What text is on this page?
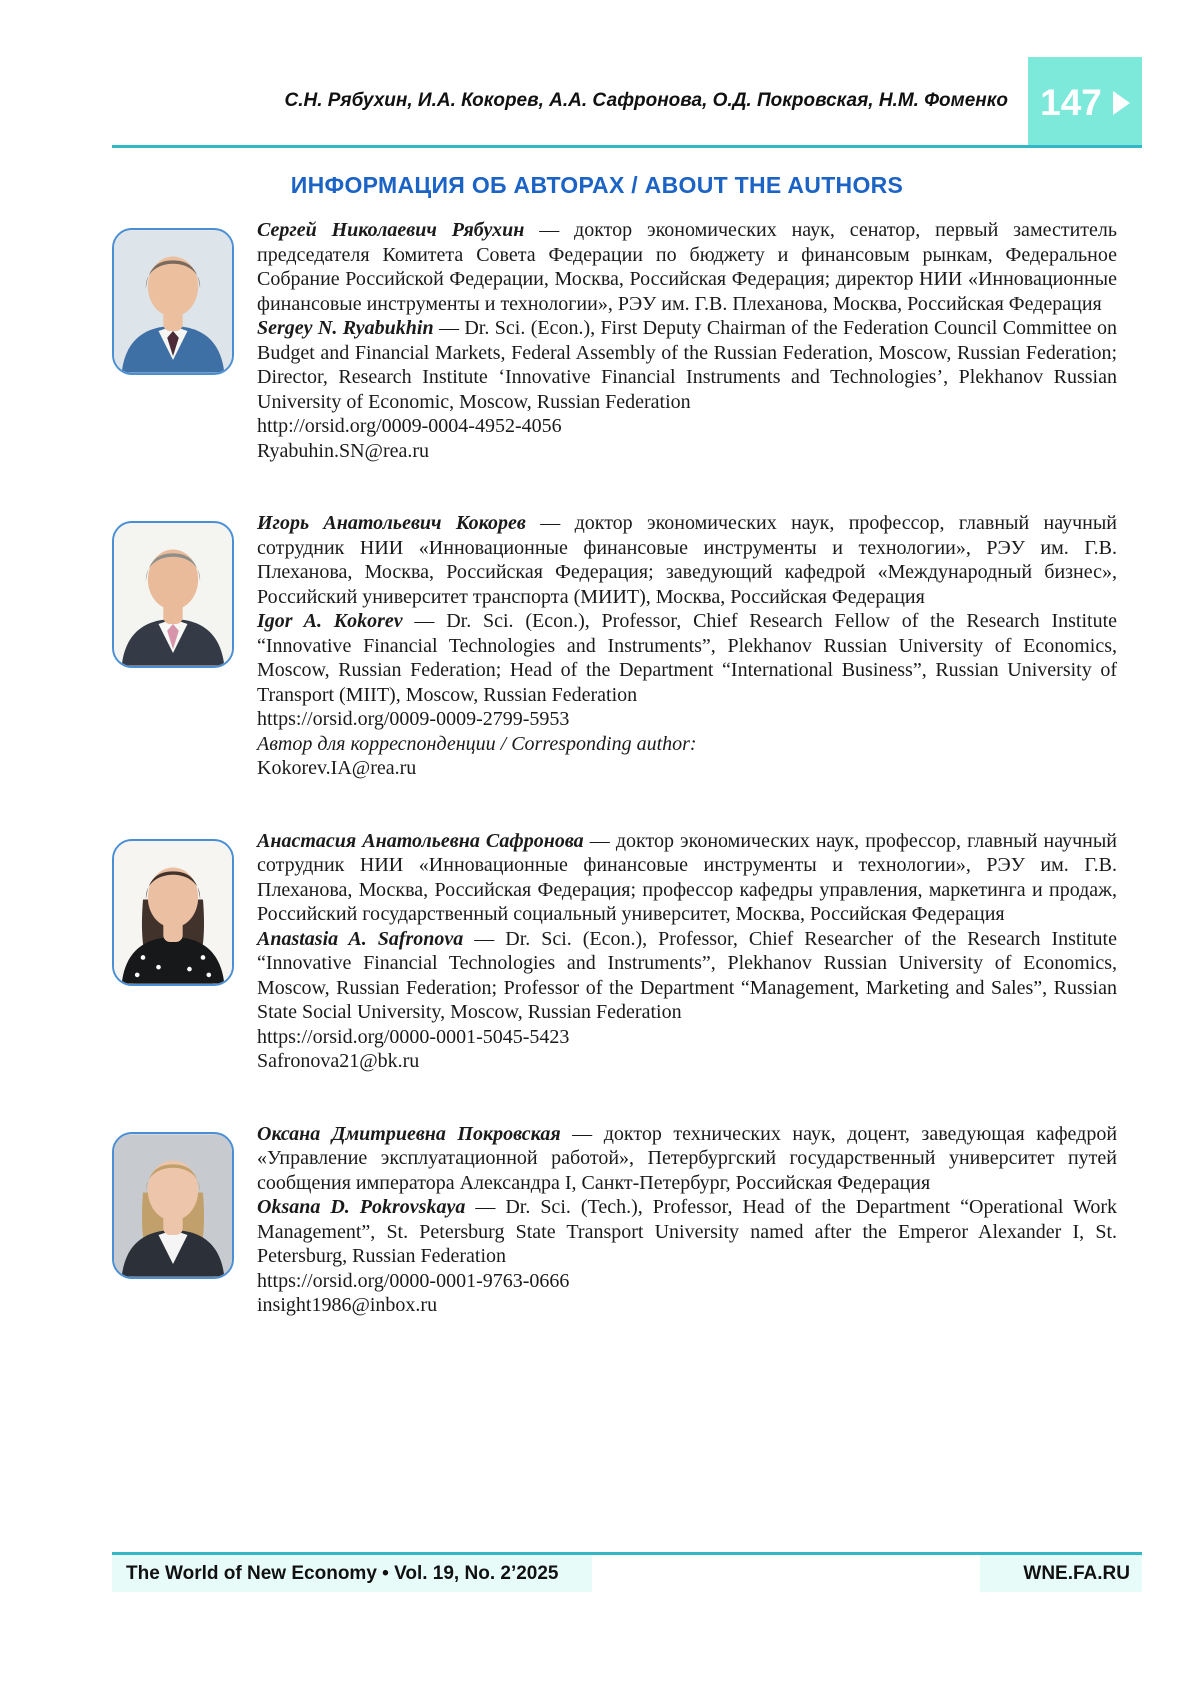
С.Н. Рябухин, И.А. Кокорев, А.А. Сафронова, О.Д. Покровская, Н.М. Фоменко 147
ИНФОРМАЦИЯ ОБ АВТОРАХ / ABOUT THE AUTHORS
Сергей Николаевич Рябухин — доктор экономических наук, сенатор, первый заместитель председателя Комитета Совета Федерации по бюджету и финансовым рынкам, Федеральное Собрание Российской Федерации, Москва, Российская Федерация; директор НИИ «Инновационные финансовые инструменты и технологии», РЭУ им. Г.В. Плеханова, Москва, Российская Федерация
Sergey N. Ryabukhin — Dr. Sci. (Econ.), First Deputy Chairman of the Federation Council Committee on Budget and Financial Markets, Federal Assembly of the Russian Federation, Moscow, Russian Federation; Director, Research Institute ‘Innovative Financial Instruments and Technologies’, Plekhanov Russian University of Economic, Moscow, Russian Federation
http://orsid.org/0009-0004-4952-4056
Ryabuhin.SN@rea.ru
Игорь Анатольевич Кокорев — доктор экономических наук, профессор, главный научный сотрудник НИИ «Инновационные финансовые инструменты и технологии», РЭУ им. Г.В. Плеханова, Москва, Российская Федерация; заведующий кафедрой «Международный бизнес», Российский университет транспорта (МИИТ), Москва, Российская Федерация
Igor A. Kokorev — Dr. Sci. (Econ.), Professor, Chief Research Fellow of the Research Institute “Innovative Financial Technologies and Instruments”, Plekhanov Russian University of Economics, Moscow, Russian Federation; Head of the Department “International Business”, Russian University of Transport (MIIT), Moscow, Russian Federation
https://orsid.org/0009-0009-2799-5953
Автор для корреспонденции / Corresponding author:
Kokorev.IA@rea.ru
Анастасия Анатольевна Сафронова — доктор экономических наук, профессор, главный научный сотрудник НИИ «Инновационные финансовые инструменты и технологии», РЭУ им. Г.В. Плеханова, Москва, Российская Федерация; профессор кафедры управления, маркетинга и продаж, Российский государственный социальный университет, Москва, Российская Федерация
Anastasia A. Safronova — Dr. Sci. (Econ.), Professor, Chief Researcher of the Research Institute “Innovative Financial Technologies and Instruments”, Plekhanov Russian University of Economics, Moscow, Russian Federation; Professor of the Department “Management, Marketing and Sales”, Russian State Social University, Moscow, Russian Federation
https://orsid.org/0000-0001-5045-5423
Safronova21@bk.ru
Оксана Дмитриевна Покровская — доктор технических наук, доцент, заведующая кафедрой «Управление эксплуатационной работой», Петербургский государственный университет путей сообщения императора Александра I, Санкт-Петербург, Российская Федерация
Oksana D. Pokrovskaya — Dr. Sci. (Tech.), Professor, Head of the Department “Operational Work Management”, St. Petersburg State Transport University named after the Emperor Alexander I, St. Petersburg, Russian Federation
https://orsid.org/0000-0001-9763-0666
insight1986@inbox.ru
The World of New Economy • Vol. 19, No. 2’2025	WNE.FA.RU
